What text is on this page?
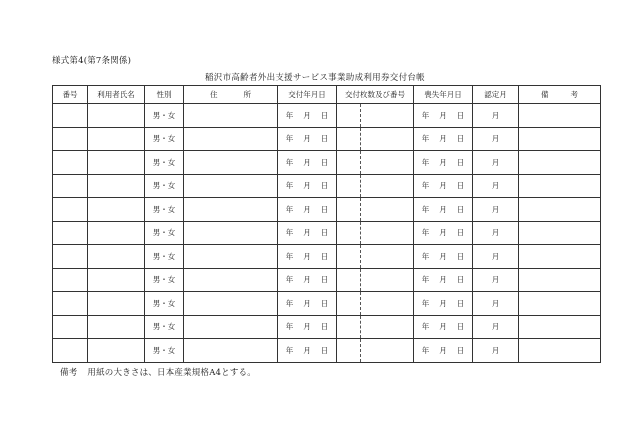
様式第4(第7条関係)
稲沢市高齢者外出支援サービス事業助成利用券交付台帳
番号	利用者氏名	性別	住所	交付年月日	交付枚数及び番号		喪失年月日	認定月	備考
		男・女		年 月 日			年 月 日	月	
		男・女		年 月 日			年 月 日	月	
		男・女		年 月 日			年 月 日	月	
		男・女		年 月 日			年 月 日	月	
		男・女		年 月 日			年 月 日	月	
		男・女		年 月 日			年 月 日	月	
		男・女		年 月 日			年 月 日	月	
		男・女		年 月 日			年 月 日	月	
		男・女		年 月 日			年 月 日	月	
		男・女		年 月 日			年 月 日	月	
		男・女		年 月 日			年 月 日	月	
備考 用紙の大きさは、日本産業規格A4とする。
